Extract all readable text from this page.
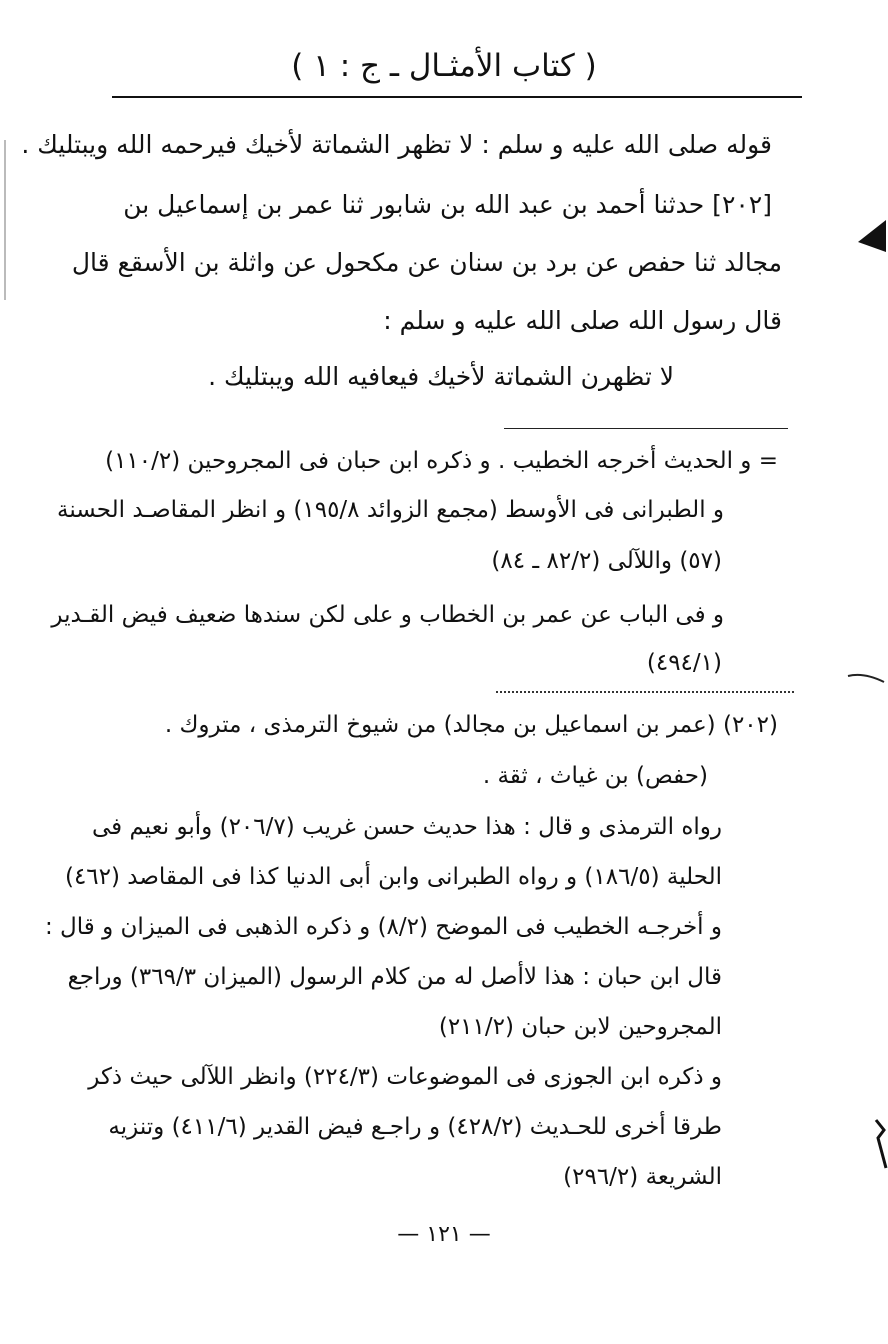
( كتاب الأمثـال ـ ج : ١ )
قوله صلى الله عليه و سلم : لا تظهر الشماتة لأخيك فيرحمه الله ويبتليك .
[٢٠٢] حدثنا أحمد بن عبد الله بن شابور ثنا عمر بن إسماعيل بن
مجالد ثنا حفص عن برد بن سنان عن مكحول عن واثلة بن الأسقع قال
قال رسول الله صلى الله عليه و سلم :
لا تظهرن الشماتة لأخيك فيعافيه الله ويبتليك .
= و الحديث أخرجه الخطيب . و ذكره ابن حبان فى المجروحين (١١٠/٢)
و الطبرانى فى الأوسط (مجمع الزوائد ١٩٥/٨) و انظر المقاصـد الحسنة
(٥٧) واللآلى (٨٢/٢ ـ ٨٤)
و فى الباب عن عمر بن الخطاب و على لكن سندها ضعيف فيض القـدير
(٤٩٤/١)
(٢٠٢) (عمر بن اسماعيل بن مجالد) من شيوخ الترمذى ، متروك .
(حفص) بن غياث ، ثقة .
رواه الترمذى و قال : هذا حديث حسن غريب (٢٠٦/٧) وأبو نعيم فى
الحلية (١٨٦/٥) و رواه الطبرانى وابن أبى الدنيا كذا فى المقاصد (٤٦٢)
و أخرجـه الخطيب فى الموضح (٨/٢) و ذكره الذهبى فى الميزان و قال :
قال ابن حبان : هذا لاأصل له من كلام الرسول (الميزان ٣٦٩/٣) وراجع
المجروحين لابن حبان (٢١١/٢)
و ذكره ابن الجوزى فى الموضوعات (٢٢٤/٣) وانظر اللآلى حيث ذكر
طرقا أخرى للحـديث (٤٢٨/٢) و راجـع فيض القدير (٤١١/٦) وتنزيه
الشريعة (٢٩٦/٢)
— ١٢١ —
